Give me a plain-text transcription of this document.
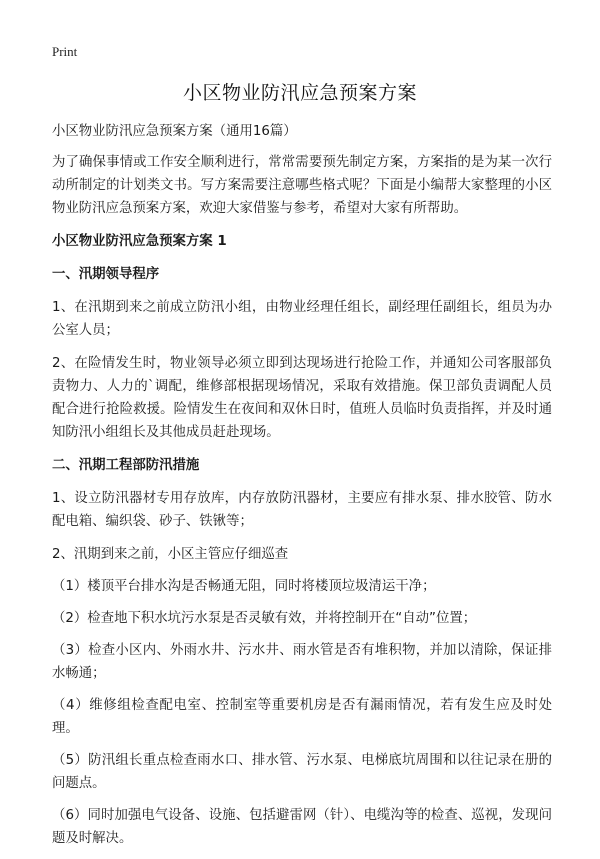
Print
小区物业防汛应急预案方案

小区物业防汛应急预案方案（通用16篇）

为了确保事情或工作安全顺利进行，常常需要预先制定方案，方案指的是为某一次行动所制定的计划类文书。写方案需要注意哪些格式呢？下面是小编帮大家整理的小区物业防汛应急预案方案，欢迎大家借鉴与参考，希望对大家有所帮助。

小区物业防汛应急预案方案 1
一、汛期领导程序

1、在汛期到来之前成立防汛小组，由物业经理任组长，副经理任副组长，组员为办公室人员；

2、在险情发生时，物业领导必须立即到达现场进行抢险工作，并通知公司客服部负责物力、人力的`调配，维修部根据现场情况，采取有效措施。保卫部负责调配人员配合进行抢险救援。险情发生在夜间和双休日时，值班人员临时负责指挥，并及时通知防汛小组组长及其他成员赶赴现场。

二、汛期工程部防汛措施

1、设立防汛器材专用存放库，内存放防汛器材，主要应有排水泵、排水胶管、防水配电箱、编织袋、砂子、铁锹等；

2、汛期到来之前，小区主管应仔细巡查

（1）楼顶平台排水沟是否畅通无阻，同时将楼顶垃圾清运干净；

（2）检查地下积水坑污水泵是否灵敏有效，并将控制开在“自动”位置；

（3）检查小区内、外雨水井、污水井、雨水管是否有堆积物，并加以清除，保证排水畅通；

（4）维修组检查配电室、控制室等重要机房是否有漏雨情况，若有发生应及时处理。

（5）防汛组长重点检查雨水口、排水管、污水泵、电梯底坑周围和以往记录在册的问题点。

（6）同时加强电气设备、设施、包括避雷网（针）、电缆沟等的检查、巡视，发现问题及时解决。
